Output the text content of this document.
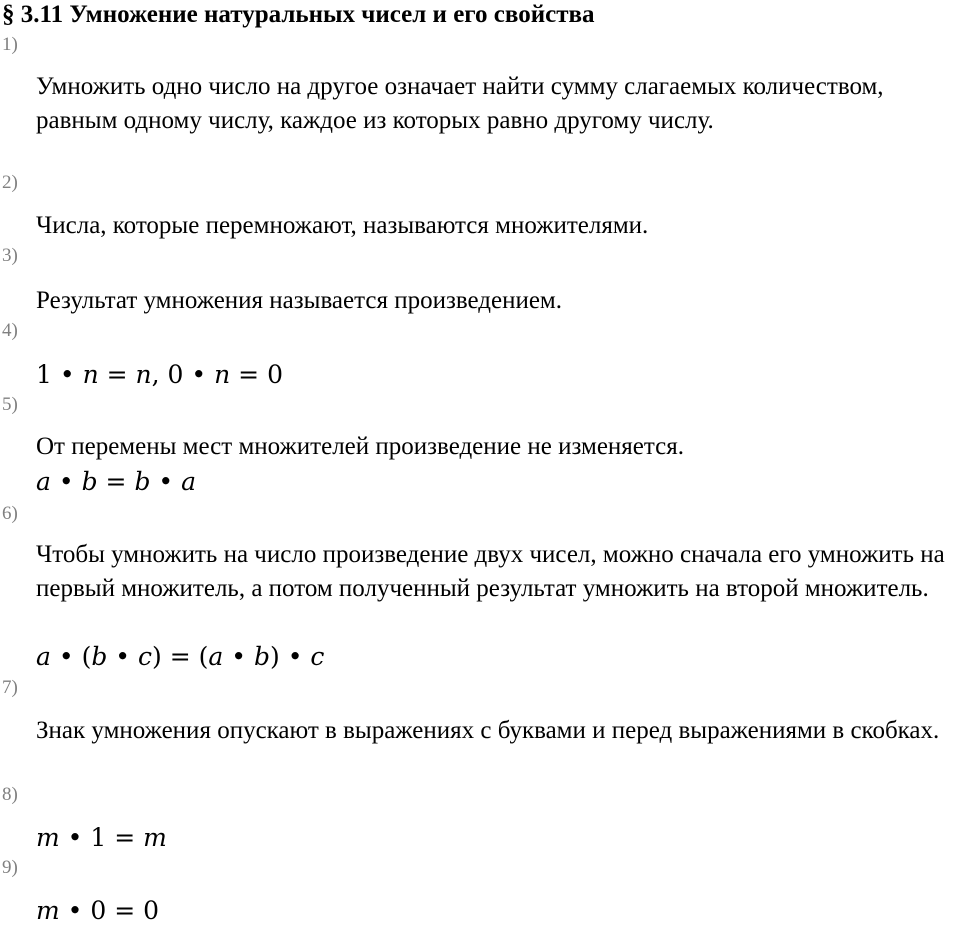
§ 3.11 Умножение натуральных чисел и его свойства
1)
Умножить одно число на другое означает найти сумму слагаемых количеством, равным одному числу, каждое из которых равно другому числу.
2)
Числа, которые перемножают, называются множителями.
3)
Результат умножения называется произведением.
4)
1 • n = n, 0 • n = 0
5)
От перемены мест множителей произведение не изменяется.
a • b = b • a
6)
Чтобы умножить на число произведение двух чисел, можно сначала его умножить на первый множитель, а потом полученный результат умножить на второй множитель.
a • (b • c) = (a • b) • c
7)
Знак умножения опускают в выражениях с буквами и перед выражениями в скобках.
8)
m • 1 = m
9)
m • 0 = 0
